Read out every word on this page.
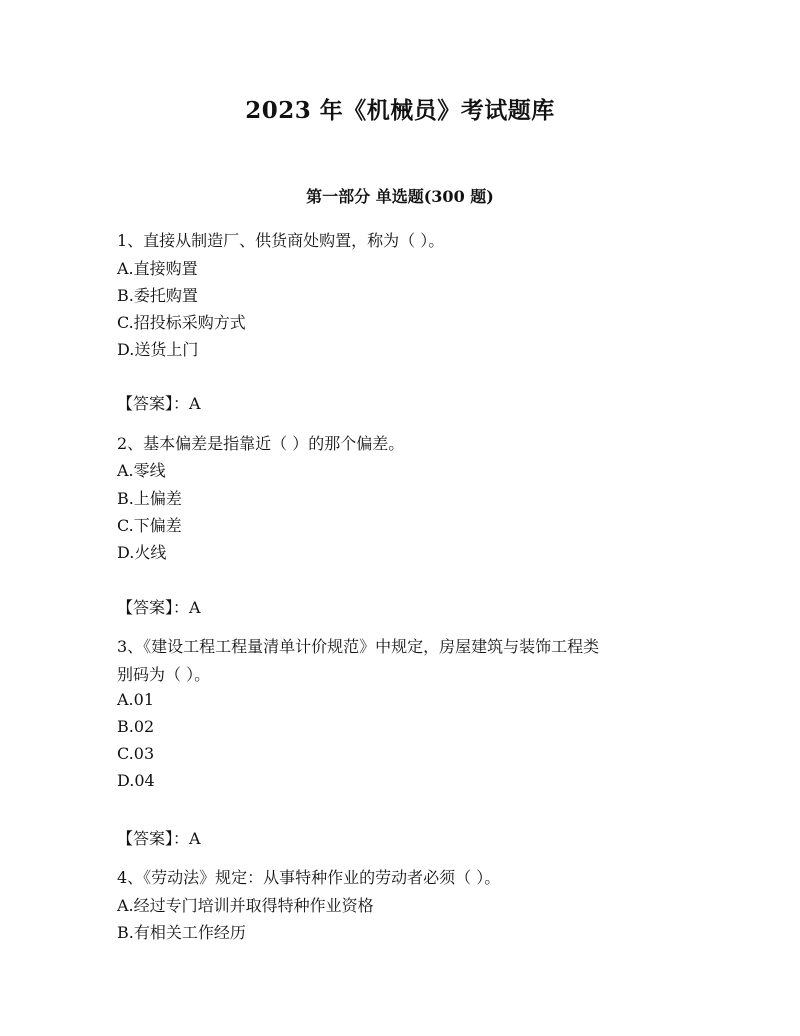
2023 年《机械员》考试题库
第一部分 单选题(300 题)
1、直接从制造厂、供货商处购置，称为（ ）。
A.直接购置
B.委托购置
C.招投标采购方式
D.送货上门
【答案】：A
2、基本偏差是指靠近（ ）的那个偏差。
A.零线
B.上偏差
C.下偏差
D.火线
【答案】：A
3、《建设工程工程量清单计价规范》中规定，房屋建筑与装饰工程类
别码为（ ）。
A.01
B.02
C.03
D.04
【答案】：A
4、《劳动法》规定：从事特种作业的劳动者必须（ ）。
A.经过专门培训并取得特种作业资格
B.有相关工作经历
